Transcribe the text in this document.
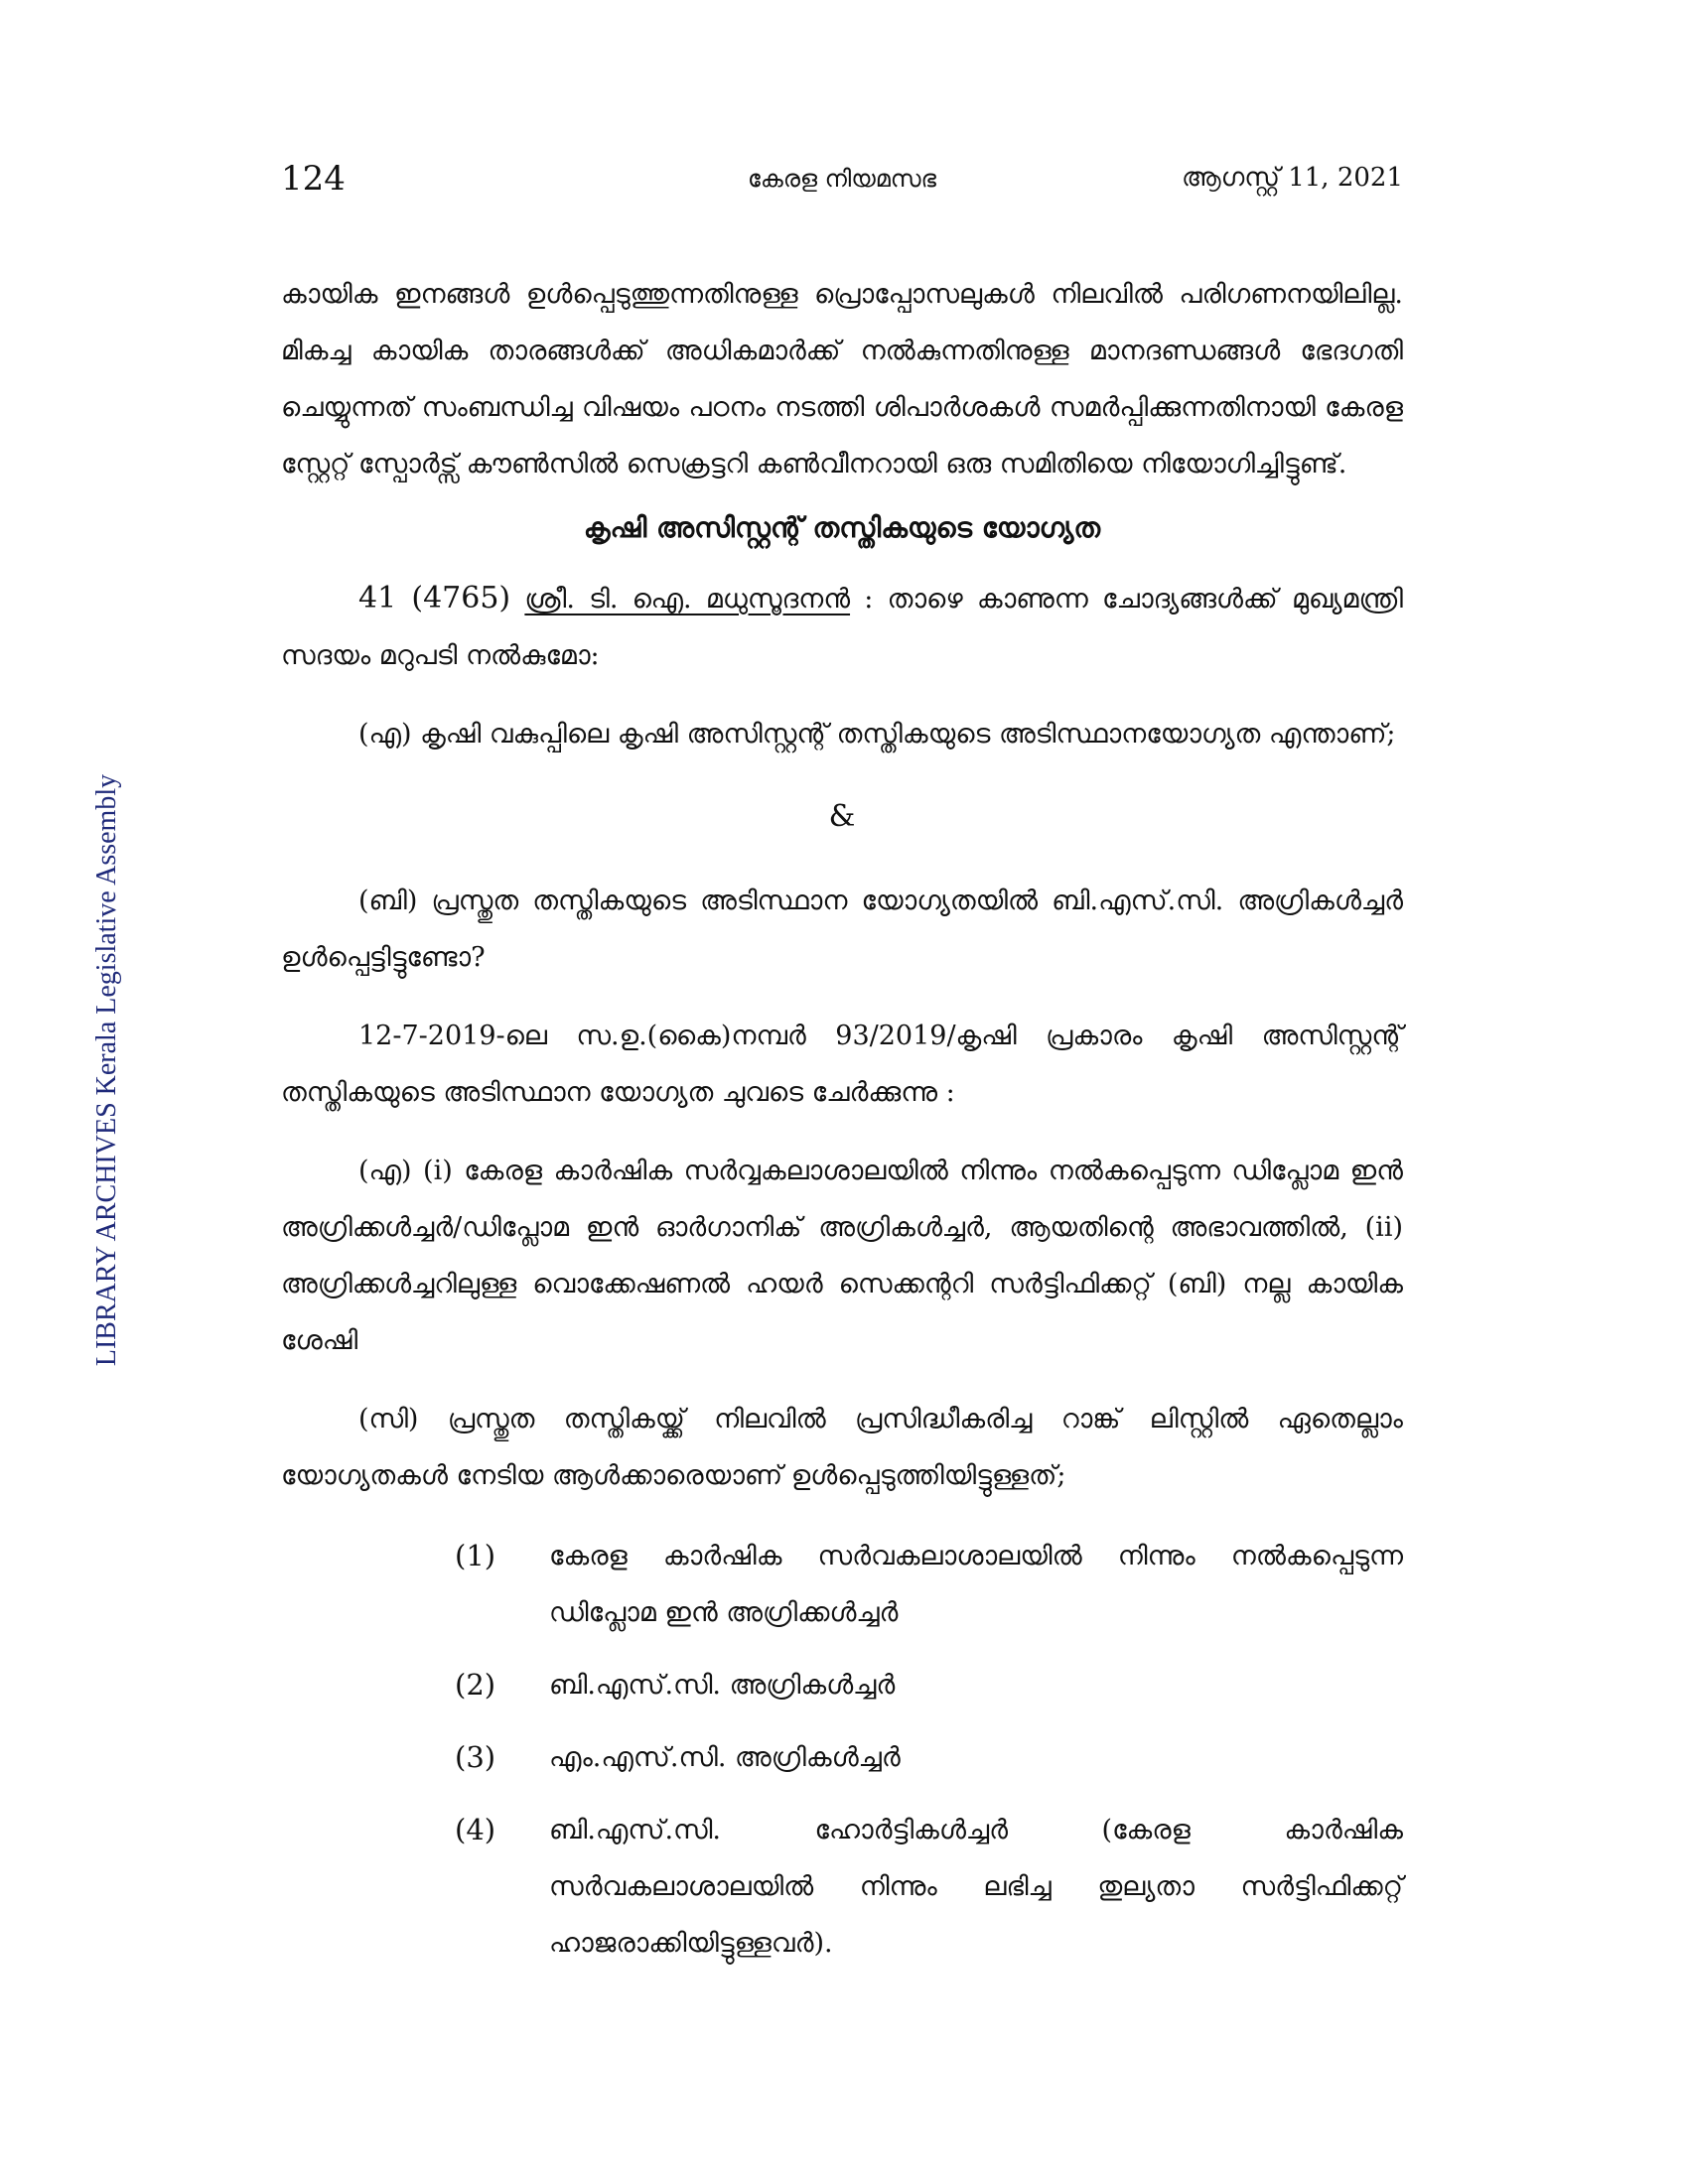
124	കേരള നിയമസഭ	ആഗസ്റ്റ് 11, 2021
LIBRARY ARCHIVES Kerala Legislative Assembly

കായിക ഇനങ്ങൾ ഉൾപ്പെടുത്തുന്നതിനുള്ള പ്രൊപ്പോസലുകൾ നിലവിൽ പരിഗണനയിലില്ല. മികച്ച കായിക താരങ്ങൾക്ക് അധികമാർക്ക് നൽകുന്നതിനുള്ള മാനദണ്ഡങ്ങൾ ഭേദഗതി ചെയ്യുന്നത് സംബന്ധിച്ച വിഷയം പഠനം നടത്തി ശിപാർശകൾ സമർപ്പിക്കുന്നതിനായി കേരള സ്റ്റേറ്റ് സ്പോർട്സ് കൗൺസിൽ സെക്രട്ടറി കൺവീനറായി ഒരു സമിതിയെ നിയോഗിച്ചിട്ടുണ്ട്.

കൃഷി അസിസ്റ്റന്റ് തസ്തികയുടെ യോഗ്യത

41 (4765) ശ്രീ. ടി. ഐ. മധുസൂദനൻ : താഴെ കാണുന്ന ചോദ്യങ്ങൾക്ക് മുഖ്യമന്ത്രി സദയം മറുപടി നൽകുമോ:

(എ) കൃഷി വകുപ്പിലെ കൃഷി അസിസ്റ്റന്റ് തസ്തികയുടെ അടിസ്ഥാനയോഗ്യത എന്താണ്;

&

(ബി) പ്രസ്തുത തസ്തികയുടെ അടിസ്ഥാന യോഗ്യതയിൽ ബി.എസ്.സി. അഗ്രികൾച്ചർ ഉൾപ്പെട്ടിട്ടുണ്ടോ?

12-7-2019-ലെ സ.ഉ.(കൈ)നമ്പർ 93/2019/കൃഷി പ്രകാരം കൃഷി അസിസ്റ്റന്റ് തസ്തികയുടെ അടിസ്ഥാന യോഗ്യത ചുവടെ ചേർക്കുന്നു :

(എ) (i) കേരള കാർഷിക സർവ്വകലാശാലയിൽ നിന്നും നൽകപ്പെടുന്ന ഡിപ്ലോമ ഇൻ അഗ്രിക്കൾച്ചർ/ഡിപ്ലോമ ഇൻ ഓർഗാനിക് അഗ്രികൾച്ചർ, ആയതിന്റെ അഭാവത്തിൽ, (ii) അഗ്രിക്കൾച്ചറിലുള്ള വൊക്കേഷണൽ ഹയർ സെക്കന്ററി സർട്ടിഫിക്കറ്റ് (ബി) നല്ല കായിക ശേഷി

(സി) പ്രസ്തുത തസ്തികയ്ക്ക് നിലവിൽ പ്രസിദ്ധീകരിച്ച റാങ്ക് ലിസ്റ്റിൽ ഏതെല്ലാം യോഗ്യതകൾ നേടിയ ആൾക്കാരെയാണ് ഉൾപ്പെടുത്തിയിട്ടുള്ളത്;

(1)	കേരള കാർഷിക സർവകലാശാലയിൽ നിന്നും നൽകപ്പെടുന്ന ഡിപ്ലോമ ഇൻ അഗ്രിക്കൾച്ചർ
(2)	ബി.എസ്.സി. അഗ്രികൾച്ചർ
(3)	എം.എസ്.സി. അഗ്രികൾച്ചർ
(4)	ബി.എസ്.സി. ഹോർട്ടികൾച്ചർ (കേരള കാർഷിക സർവകലാശാലയിൽ നിന്നും ലഭിച്ച തുല്യതാ സർട്ടിഫിക്കറ്റ് ഹാജരാക്കിയിട്ടുള്ളവർ).
